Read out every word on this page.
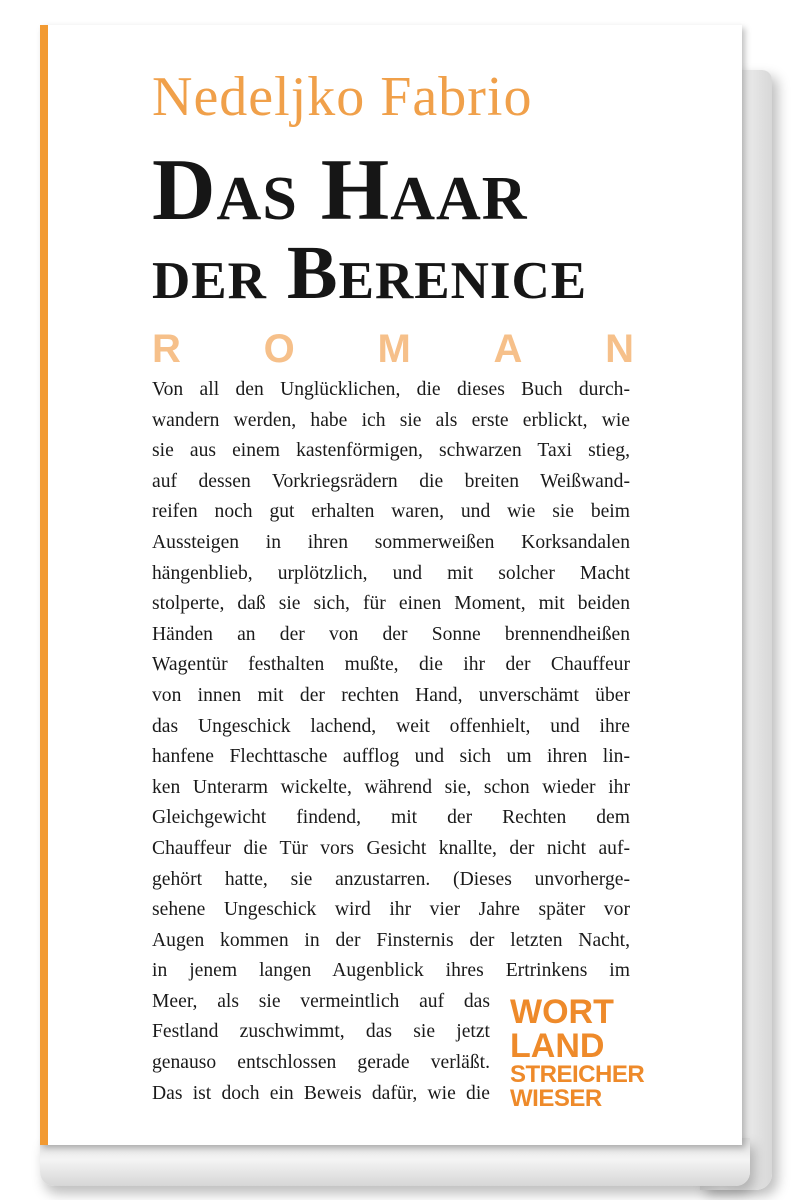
Nedeljko Fabrio
Das Haar
der Berenice
R O M A N
Von all den Unglücklichen, die dieses Buch durch-
wandern werden, habe ich sie als erste erblickt, wie
sie aus einem kastenförmigen, schwarzen Taxi stieg,
auf dessen Vorkriegsrädern die breiten Weißwand-
reifen noch gut erhalten waren, und wie sie beim
Aussteigen in ihren sommerweißen Korksandalen
hängenblieb, urplötzlich, und mit solcher Macht
stolperte, daß sie sich, für einen Moment, mit beiden
Händen an der von der Sonne brennendheißen
Wagentür festhalten mußte, die ihr der Chauffeur
von innen mit der rechten Hand, unverschämt über
das Ungeschick lachend, weit offenhielt, und ihre
hanfene Flechttasche aufflog und sich um ihren lin-
ken Unterarm wickelte, während sie, schon wieder ihr
Gleichgewicht findend, mit der Rechten dem
Chauffeur die Tür vors Gesicht knallte, der nicht auf-
gehört hatte, sie anzustarren. (Dieses unvorherge-
sehene Ungeschick wird ihr vier Jahre später vor
Augen kommen in der Finsternis der letzten Nacht,
in jenem langen Augenblick ihres Ertrinkens im
Meer, als sie vermeintlich auf das
Festland zuschwimmt, das sie jetzt
genauso entschlossen gerade verläßt.
Das ist doch ein Beweis dafür, wie die
WORT
LAND
STREICHER
WIESER
